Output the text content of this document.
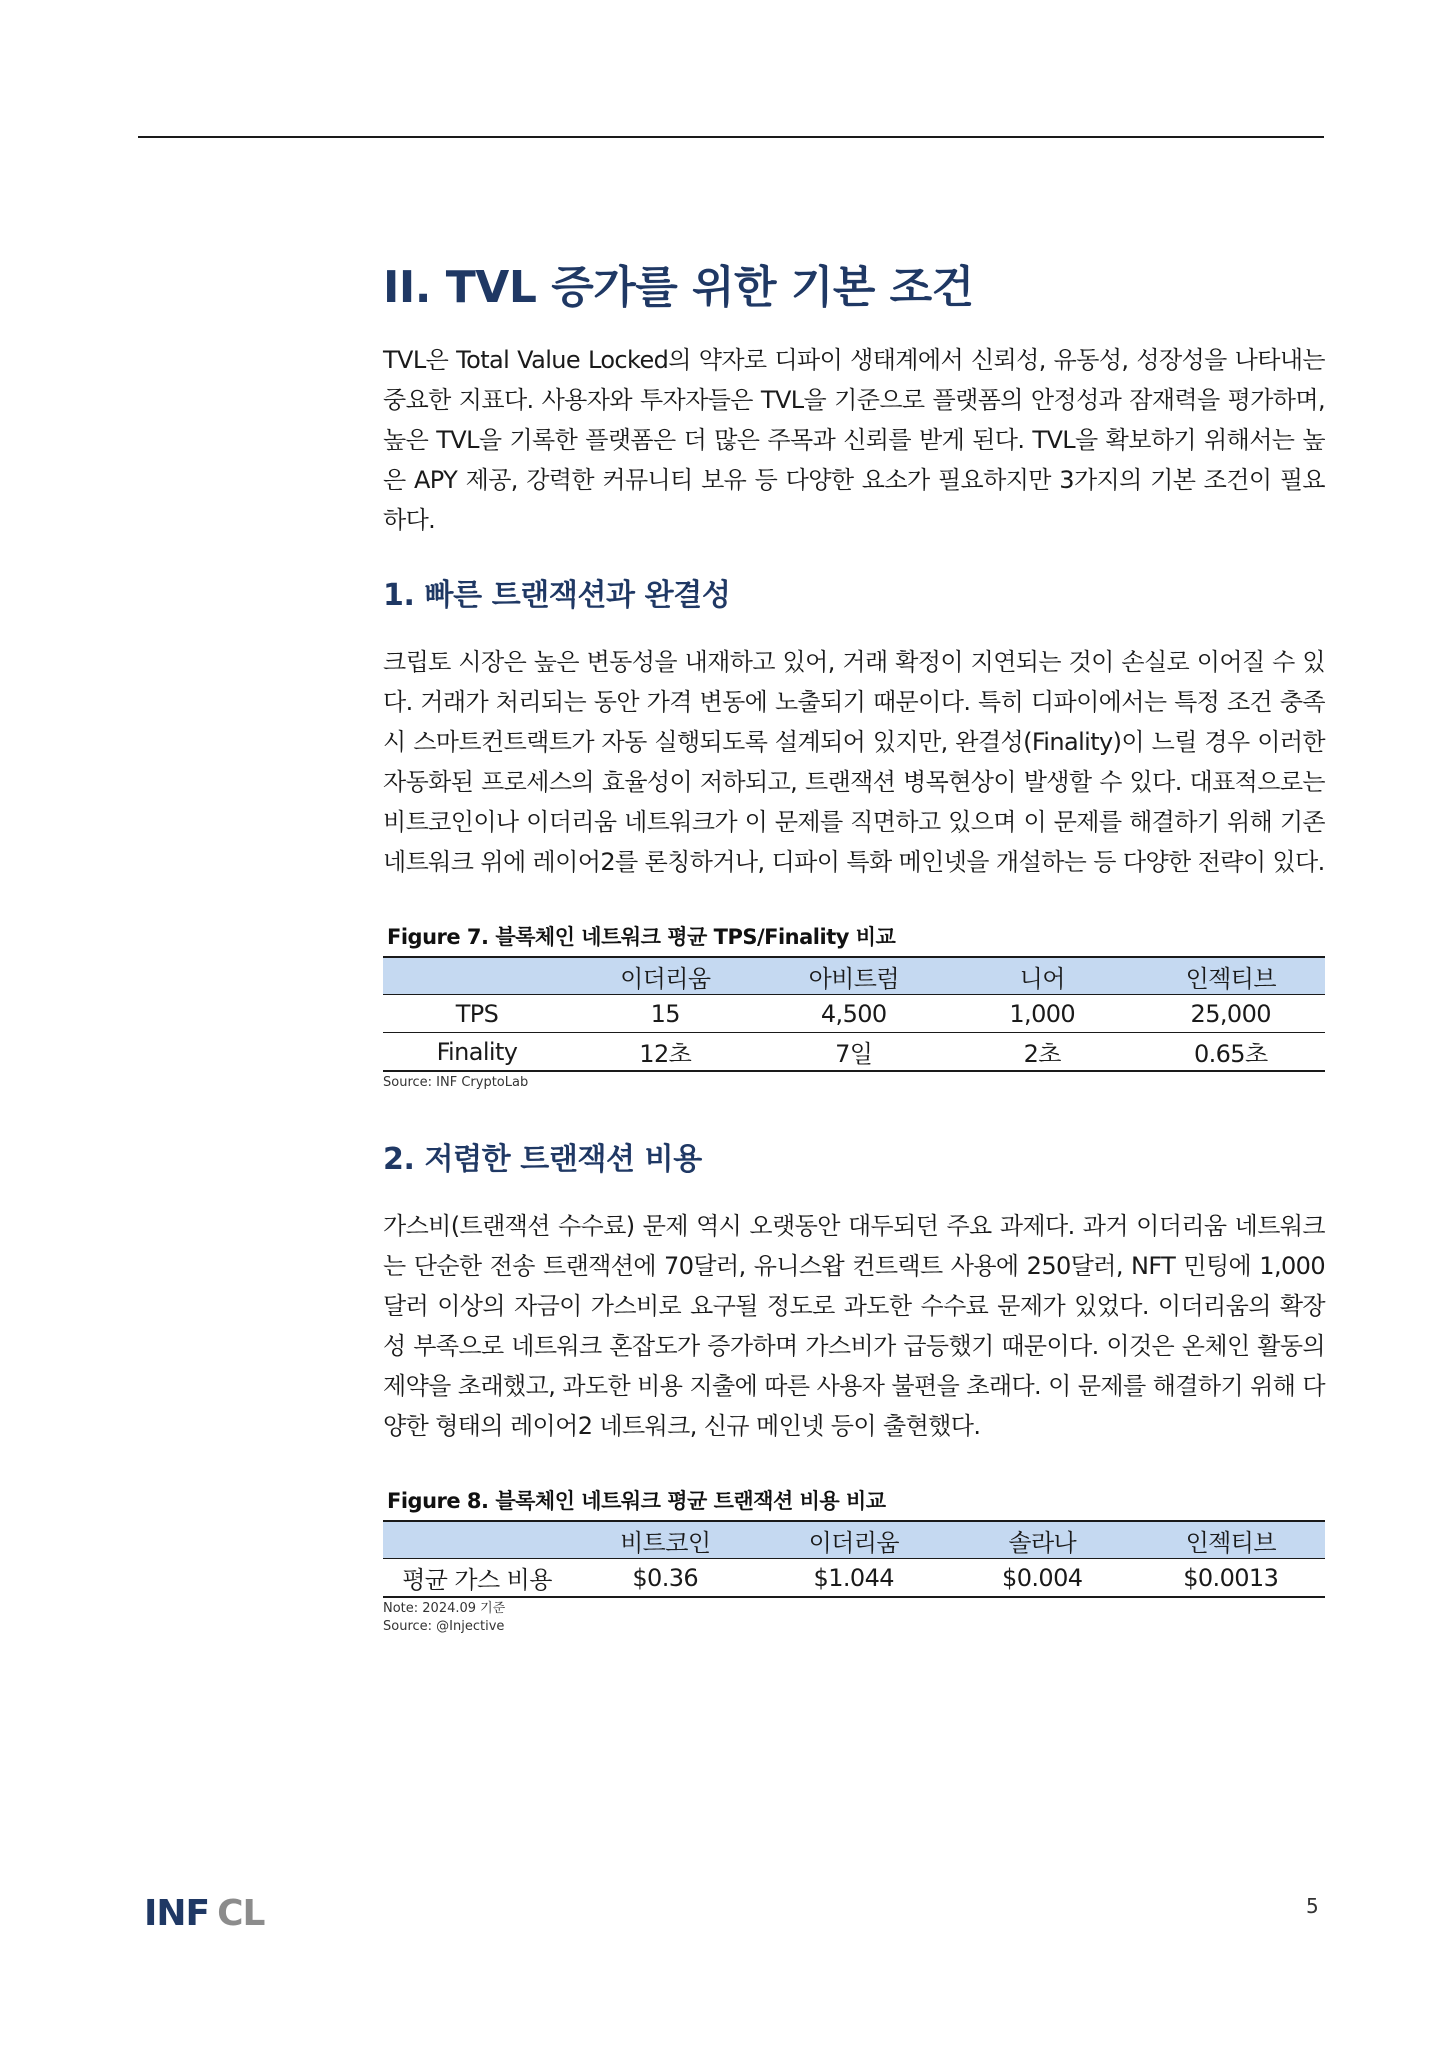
II. TVL 증가를 위한 기본 조건

TVL은 Total Value Locked의 약자로 디파이 생태계에서 신뢰성, 유동성, 성장성을 나타내는 중요한 지표다. 사용자와 투자자들은 TVL을 기준으로 플랫폼의 안정성과 잠재력을 평가하며, 높은 TVL을 기록한 플랫폼은 더 많은 주목과 신뢰를 받게 된다. TVL을 확보하기 위해서는 높은 APY 제공, 강력한 커뮤니티 보유 등 다양한 요소가 필요하지만 3가지의 기본 조건이 필요하다.

1. 빠른 트랜잭션과 완결성

크립토 시장은 높은 변동성을 내재하고 있어, 거래 확정이 지연되는 것이 손실로 이어질 수 있다. 거래가 처리되는 동안 가격 변동에 노출되기 때문이다. 특히 디파이에서는 특정 조건 충족 시 스마트컨트랙트가 자동 실행되도록 설계되어 있지만, 완결성(Finality)이 느릴 경우 이러한 자동화된 프로세스의 효율성이 저하되고, 트랜잭션 병목현상이 발생할 수 있다. 대표적으로는 비트코인이나 이더리움 네트워크가 이 문제를 직면하고 있으며 이 문제를 해결하기 위해 기존 네트워크 위에 레이어2를 론칭하거나, 디파이 특화 메인넷을 개설하는 등 다양한 전략이 있다.

Figure 7. 블록체인 네트워크 평균 TPS/Finality 비교
	이더리움	아비트럼	니어	인젝티브
TPS	15	4,500	1,000	25,000
Finality	12초	7일	2초	0.65초

Source: INF CryptoLab

2. 저렴한 트랜잭션 비용

가스비(트랜잭션 수수료) 문제 역시 오랫동안 대두되던 주요 과제다. 과거 이더리움 네트워크는 단순한 전송 트랜잭션에 70달러, 유니스왑 컨트랙트 사용에 250달러, NFT 민팅에 1,000달러 이상의 자금이 가스비로 요구될 정도로 과도한 수수료 문제가 있었다. 이더리움의 확장성 부족으로 네트워크 혼잡도가 증가하며 가스비가 급등했기 때문이다. 이것은 온체인 활동의 제약을 초래했고, 과도한 비용 지출에 따른 사용자 불편을 초래다. 이 문제를 해결하기 위해 다양한 형태의 레이어2 네트워크, 신규 메인넷 등이 출현했다.

Figure 8. 블록체인 네트워크 평균 트랜잭션 비용 비교
	비트코인	이더리움	솔라나	인젝티브
평균 가스 비용	$0.36	$1.044	$0.004	$0.0013

Note: 2024.09 기준

Source: @Injective

INF CL	5
